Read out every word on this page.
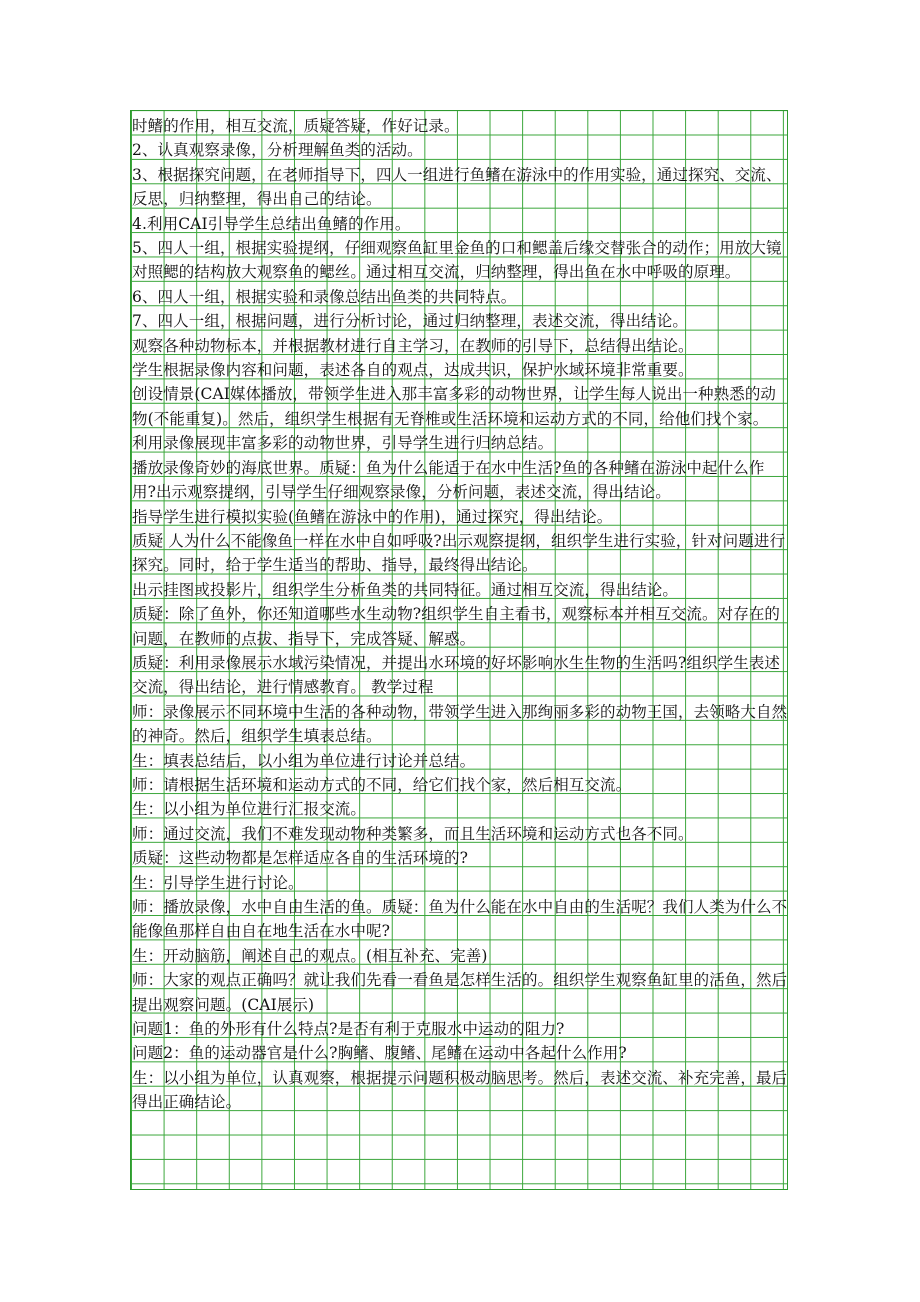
时鳍的作用，相互交流，质疑答疑，作好记录。
2、认真观察录像，分析理解鱼类的活动。
3、根据探究问题，在老师指导下，四人一组进行鱼鳍在游泳中的作用实验，通过探究、交流、反思，归纳整理，得出自己的结论。
4.利用CAI引导学生总结出鱼鳍的作用。
5、四人一组，根据实验提纲，仔细观察鱼缸里金鱼的口和鳃盖后缘交替张合的动作；用放大镜对照鳃的结构放大观察鱼的鳃丝。通过相互交流，归纳整理，得出鱼在水中呼吸的原理。
6、四人一组，根据实验和录像总结出鱼类的共同特点。
7、四人一组，根据问题，进行分析讨论，通过归纳整理，表述交流，得出结论。
观察各种动物标本，并根据教材进行自主学习，在教师的引导下，总结得出结论。
学生根据录像内容和问题，表述各自的观点，达成共识，保护水域环境非常重要。
创设情景(CAI媒体播放，带领学生进入那丰富多彩的动物世界，让学生每人说出一种熟悉的动物(不能重复)。然后，组织学生根据有无脊椎或生活环境和运动方式的不同，给他们找个家。
利用录像展现丰富多彩的动物世界，引导学生进行归纳总结。
播放录像奇妙的海底世界。质疑：鱼为什么能适于在水中生活?鱼的各种鳍在游泳中起什么作用?出示观察提纲，引导学生仔细观察录像，分析问题，表述交流，得出结论。
指导学生进行模拟实验(鱼鳍在游泳中的作用)，通过探究，得出结论。
质疑 人为什么不能像鱼一样在水中自如呼吸?出示观察提纲，组织学生进行实验，针对问题进行探究。同时，给于学生适当的帮助、指导，最终得出结论。
出示挂图或投影片，组织学生分析鱼类的共同特征。通过相互交流，得出结论。
质疑：除了鱼外，你还知道哪些水生动物?组织学生自主看书，观察标本并相互交流。对存在的问题，在教师的点拔、指导下，完成答疑、解惑。
质疑：利用录像展示水域污染情况，并提出水环境的好坏影响水生生物的生活吗?组织学生表述交流，得出结论，进行情感教育。 教学过程
师：录像展示不同环境中生活的各种动物，带领学生进入那绚丽多彩的动物王国，去领略大自然的神奇。然后，组织学生填表总结。
生：填表总结后，以小组为单位进行讨论并总结。
师：请根据生活环境和运动方式的不同，给它们找个家，然后相互交流。
生：以小组为单位进行汇报交流。
师：通过交流，我们不难发现动物种类繁多，而且生活环境和运动方式也各不同。
质疑：这些动物都是怎样适应各自的生活环境的?
生：引导学生进行讨论。
师：播放录像，水中自由生活的鱼。质疑：鱼为什么能在水中自由的生活呢？我们人类为什么不能像鱼那样自由自在地生活在水中呢?
生：开动脑筋，阐述自己的观点。(相互补充、完善)
师：大家的观点正确吗？就让我们先看一看鱼是怎样生活的。组织学生观察鱼缸里的活鱼，然后提出观察问题。(CAI展示)
问题1：鱼的外形有什么特点?是否有利于克服水中运动的阻力?
问题2：鱼的运动器官是什么?胸鳍、腹鳍、尾鳍在运动中各起什么作用?
生：以小组为单位，认真观察，根据提示问题积极动脑思考。然后，表述交流、补充完善，最后得出正确结论。
